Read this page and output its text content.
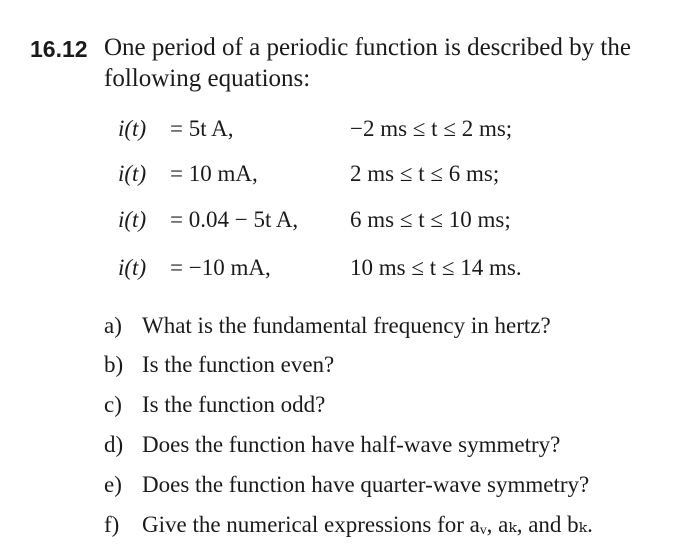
16.12 One period of a periodic function is described by the following equations:
i(t) = 5t A,	−2 ms ≤ t ≤ 2 ms;
i(t) = 10 mA,	2 ms ≤ t ≤ 6 ms;
i(t) = 0.04 − 5t A, 6 ms ≤ t ≤ 10 ms;
i(t) = −10 mA,	10 ms ≤ t ≤ 14 ms.
a) What is the fundamental frequency in hertz?
b) Is the function even?
c) Is the function odd?
d) Does the function have half-wave symmetry?
e) Does the function have quarter-wave symmetry?
f) Give the numerical expressions for aᵥ, aₖ, and bₖ.
